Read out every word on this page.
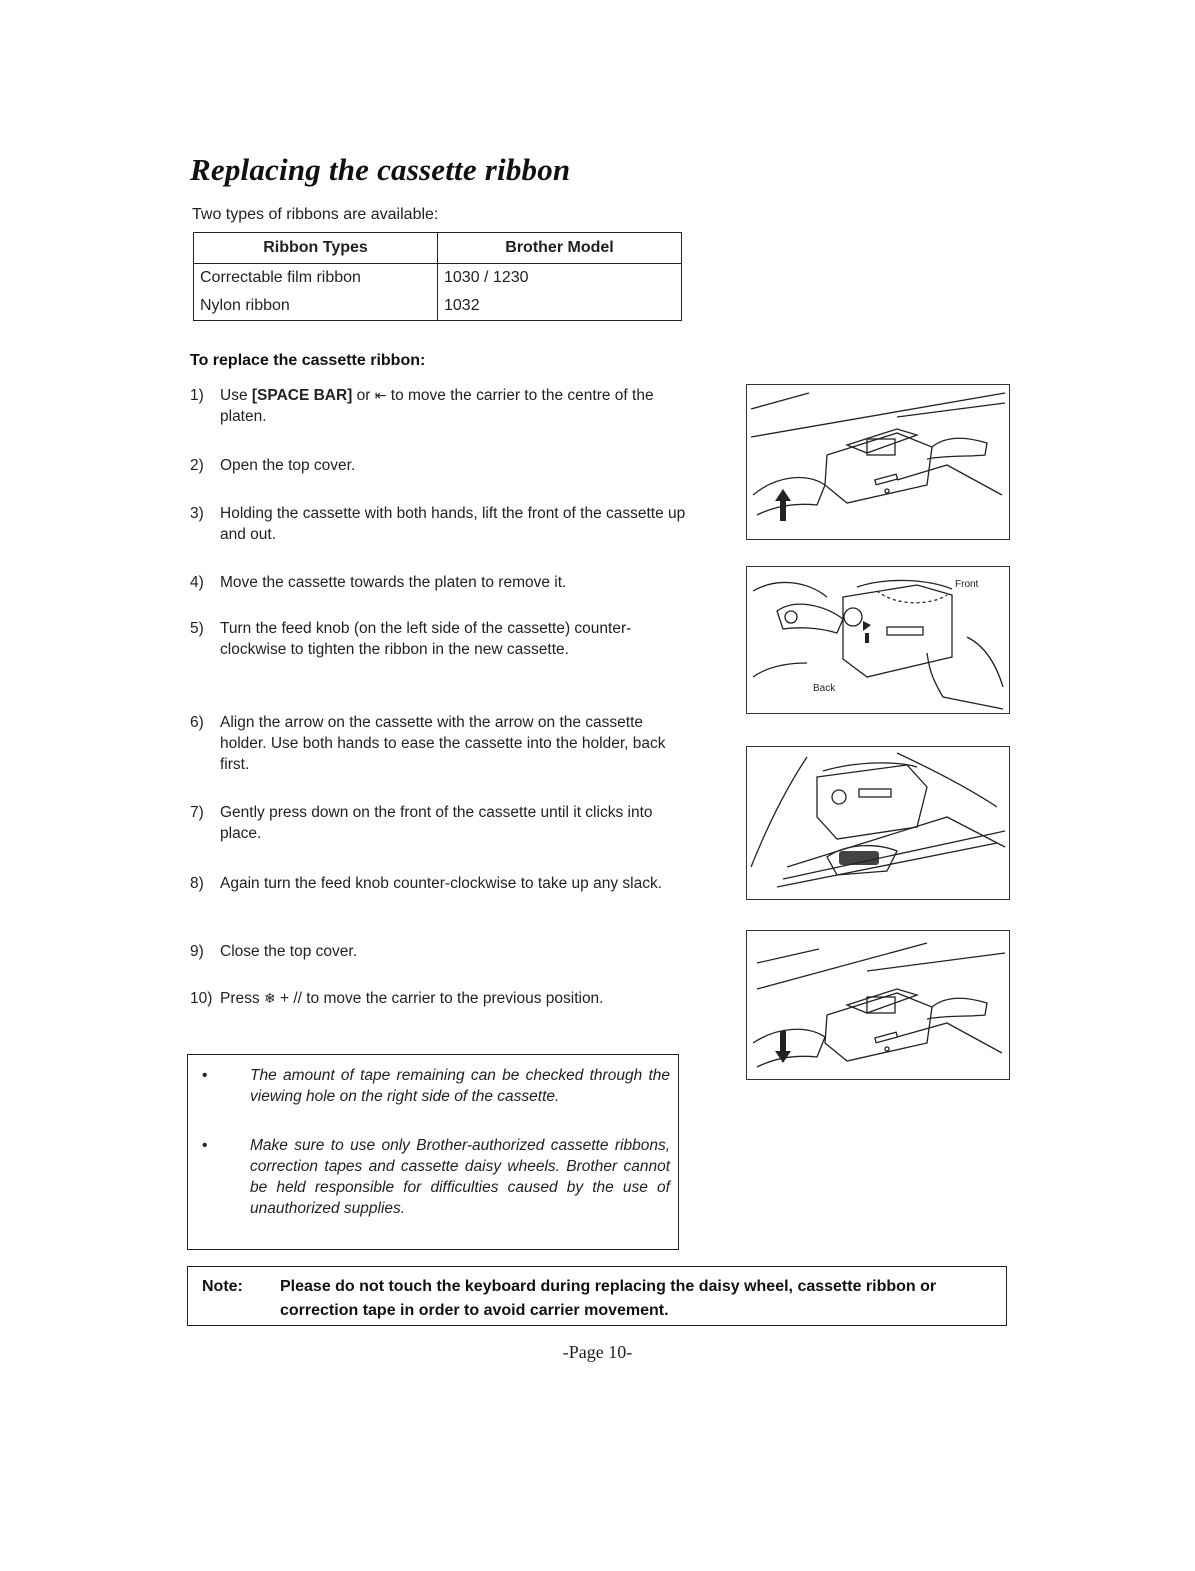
Replacing the cassette ribbon
Two types of ribbons are available:
Ribbon Types	Brother Model
Correctable film ribbon	1030 / 1230
Nylon ribbon	1032
To replace the cassette ribbon:
1)	Use [SPACE BAR] or ⇤ to move the carrier to the centre of the platen.
2)	Open the top cover.
3)	Holding the cassette with both hands, lift the front of the cassette up and out.
4)	Move the cassette towards the platen to remove it.
5)	Turn the feed knob (on the left side of the cassette) counter-clockwise to tighten the ribbon in the new cassette.
6)	Align the arrow on the cassette with the arrow on the cassette holder. Use both hands to ease the cassette into the holder, back first.
7)	Gently press down on the front of the cassette until it clicks into place.
8)	Again turn the feed knob counter-clockwise to take up any slack.
9)	Close the top cover.
10) Press ❄ + // to move the carrier to the previous position.
•	The amount of tape remaining can be checked through the viewing hole on the right side of the cassette.
•	Make sure to use only Brother-authorized cassette ribbons, correction tapes and cassette daisy wheels. Brother cannot be held responsible for difficulties caused by the use of unauthorized supplies.
Note: Please do not touch the keyboard during replacing the daisy wheel, cassette ribbon or correction tape in order to avoid carrier movement.
-Page 10-
Front
Back
